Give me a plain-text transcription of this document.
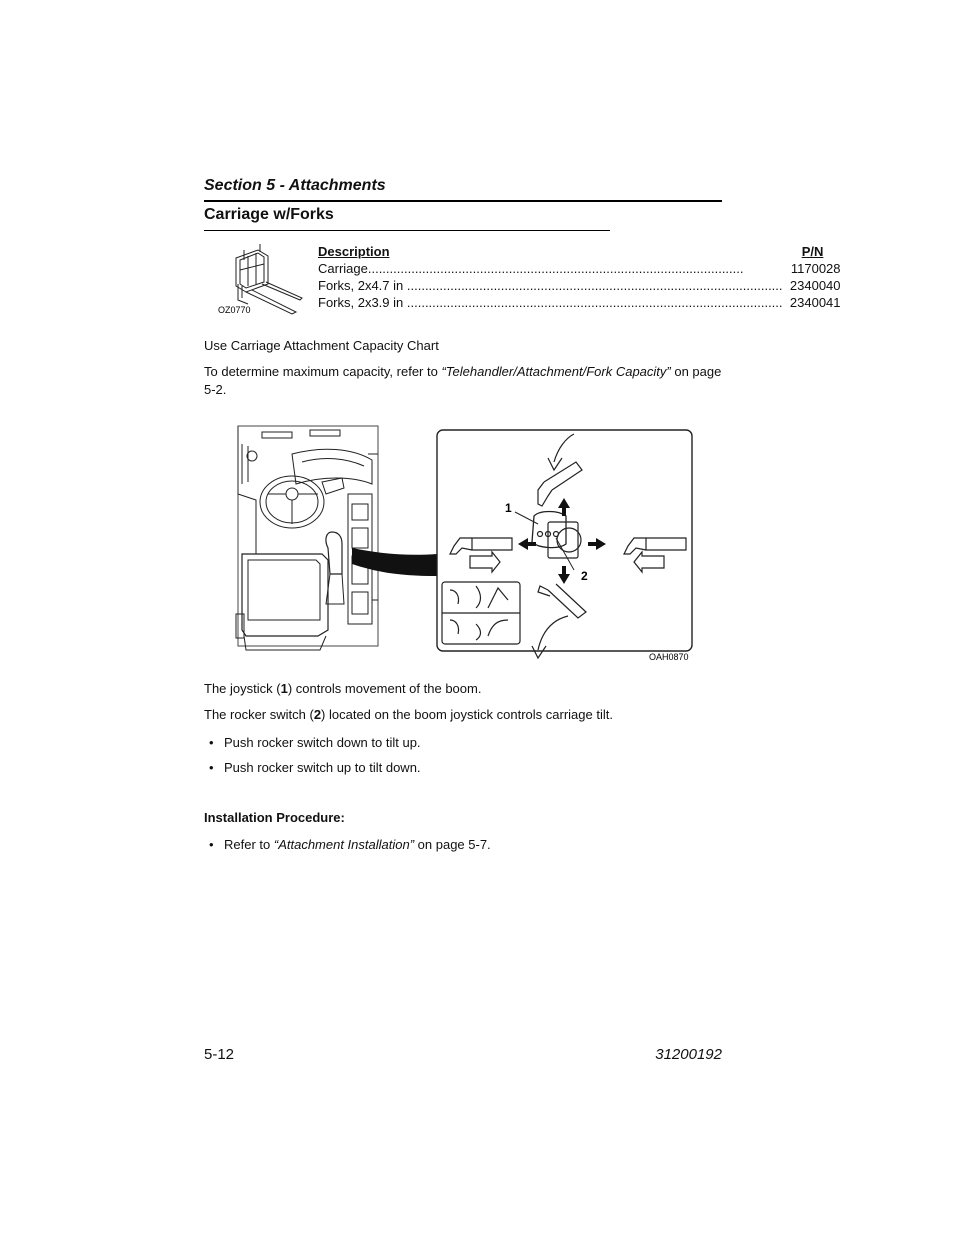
Section 5 - Attachments
Carriage w/Forks
OZ0770
Description	P/N
Carriage........................................................................................................	1170028
Forks, 2x4.7 in ........................................................................................................	2340040
Forks, 2x3.9 in ........................................................................................................	2340041
Use Carriage Attachment Capacity Chart
To determine maximum capacity, refer to “Telehandler/Attachment/Fork Capacity” on page 5-2.
1
2
OAH0870
The joystick (1) controls movement of the boom.
The rocker switch (2) located on the boom joystick controls carriage tilt.
• Push rocker switch down to tilt up.
• Push rocker switch up to tilt down.
Installation Procedure:
• Refer to “Attachment Installation” on page 5-7.
5-12	31200192
